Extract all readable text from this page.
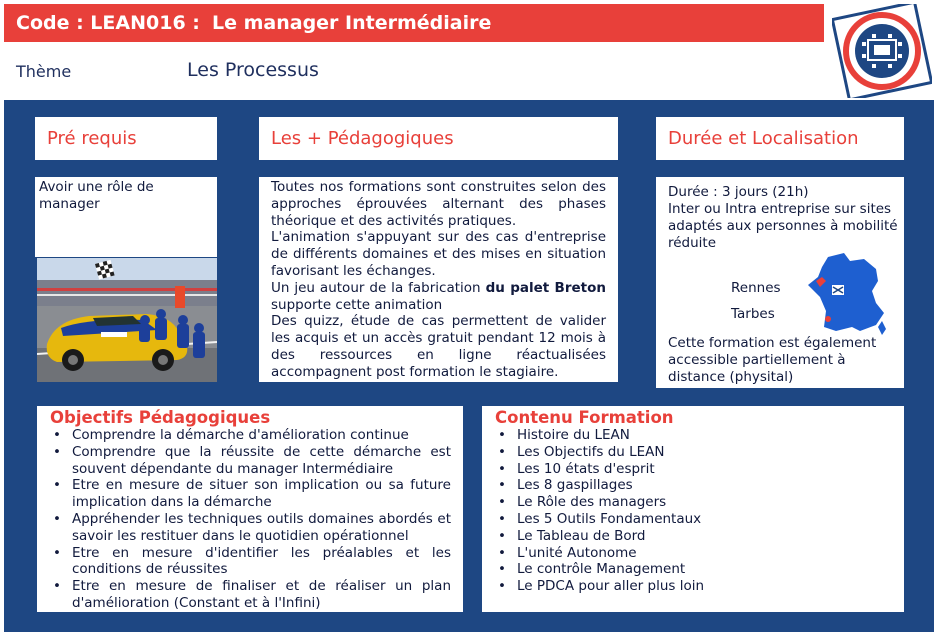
Code : LEAN016 : Le manager Intermédiaire
Thème	Les Processus
Pré requis
Avoir une rôle de manager
Les + Pédagogiques

Toutes nos formations sont construites selon des approches éprouvées alternant des phases théorique et des activités pratiques.

L'animation s'appuyant sur des cas d'entreprise de différents domaines et des mises en situation favorisant les échanges.

Un jeu autour de la fabrication du palet Breton supporte cette animation

Des quizz, étude de cas permettent de valider les acquis et un accès gratuit pendant 12 mois à des ressources en ligne réactualisées accompagnent post formation le stagiaire.

Durée et Localisation
Durée : 3 jours (21h)
Inter ou Intra entreprise sur sites adaptés aux personnes à mobilité réduite
Rennes
Tarbes
Cette formation est également accessible partiellement à distance (physital)
Objectifs Pédagogiques
• Comprendre la démarche d'amélioration continue
• Comprendre que la réussite de cette démarche est souvent dépendante du manager Intermédiaire
• Etre en mesure de situer son implication ou sa future implication dans la démarche
• Appréhender les techniques outils domaines abordés et savoir les restituer dans le quotidien opérationnel
• Etre en mesure d'identifier les préalables et les conditions de réussites
• Etre en mesure de finaliser et de réaliser un plan d'amélioration (Constant et à l'Infini)
Contenu Formation
• Histoire du LEAN
• Les Objectifs du LEAN
• Les 10 états d'esprit
• Les 8 gaspillages
• Le Rôle des managers
• Les 5 Outils Fondamentaux
• Le Tableau de Bord
• L'unité Autonome
• Le contrôle Management
• Le PDCA pour aller plus loin
